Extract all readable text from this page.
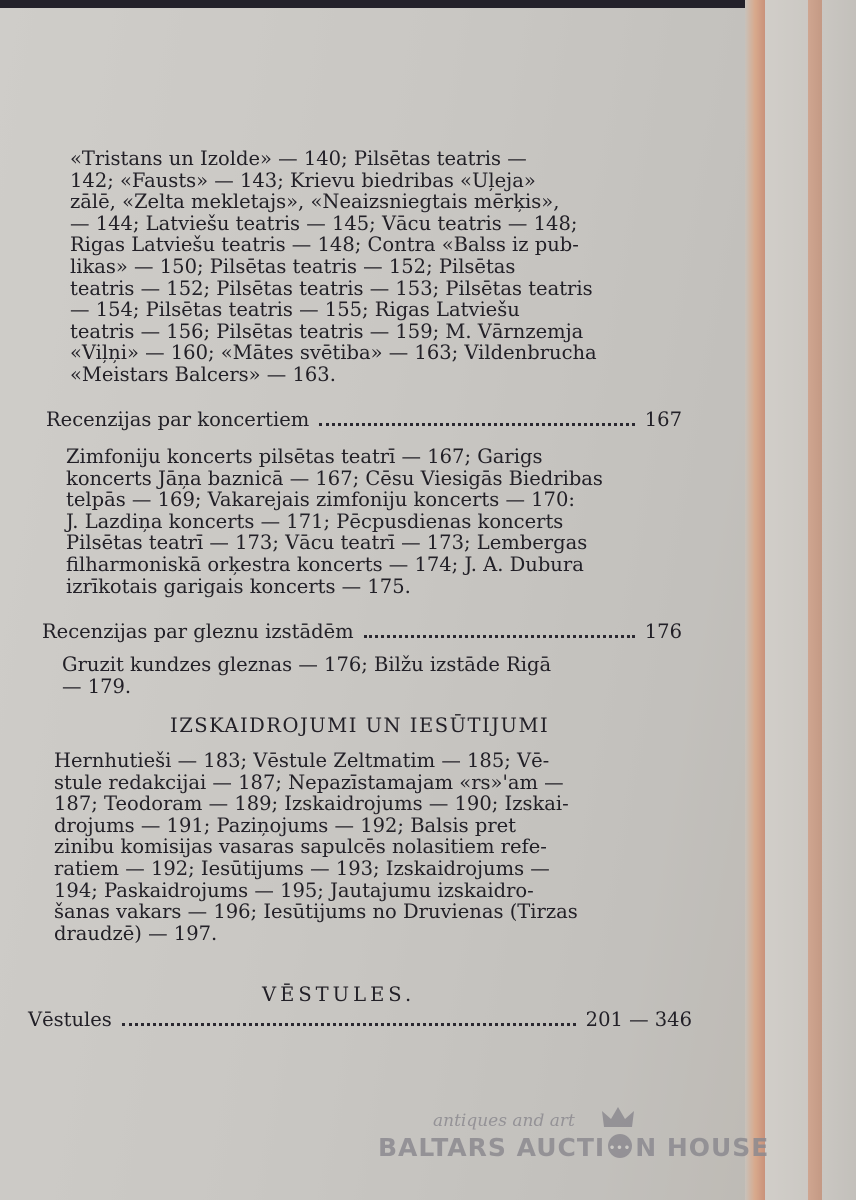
«Tristans un Izolde» — 140; Pilsētas teatris —

142; «Fausts» — 143; Krievu biedribas «Uļeja»

zālē, «Zelta mekletajs», «Neaizsniegtais mērķis»,

— 144; Latviešu teatris — 145; Vācu teatris — 148;

Rigas Latviešu teatris — 148; Contra «Balss iz pub-

likas» — 150; Pilsētas teatris — 152; Pilsētas

teatris — 152; Pilsētas teatris — 153; Pilsētas teatris

— 154; Pilsētas teatris — 155; Rigas Latviešu

teatris — 156; Pilsētas teatris — 159; M. Vārnzemja

«Viļņi» — 160; «Mātes svētiba» — 163; Vildenbrucha

«Meistars Balcers» — 163.

Recenzijas par koncertiem	167

Zimfoniju koncerts pilsētas teatrī — 167; Garigs

koncerts Jāņa baznicā — 167; Cēsu Viesigās Biedribas

telpās — 169; Vakarejais zimfoniju koncerts — 170:

J. Lazdiņa koncerts — 171; Pēcpusdienas koncerts

Pilsētas teatrī — 173; Vācu teatrī — 173; Lembergas

filharmoniskā orķestra koncerts — 174; J. A. Dubura

izrīkotais garigais koncerts — 175.

Recenzijas par gleznu izstādēm	176

Gruzit kundzes gleznas — 176; Bilžu izstāde Rigā

— 179.

IZSKAIDROJUMI UN IESŪTIJUMI

Hernhutieši — 183; Vēstule Zeltmatim — 185; Vē-

stule redakcijai — 187; Nepazīstamajam «rs»'am —

187; Teodoram — 189; Izskaidrojums — 190; Izskai-

drojums — 191; Paziņojums — 192; Balsis pret

zinibu komisijas vasaras sapulcēs nolasitiem refe-

ratiem — 192; Iesūtijums — 193; Izskaidrojums —

194; Paskaidrojums — 195; Jautajumu izskaidro-

šanas vakars — 196; Iesūtijums no Druvienas (Tirzas

draudzē) — 197.

VĒSTULES.
Vēstules	201 — 346
antiques and art
BALTARS AUCTI ••• N HOUSE
